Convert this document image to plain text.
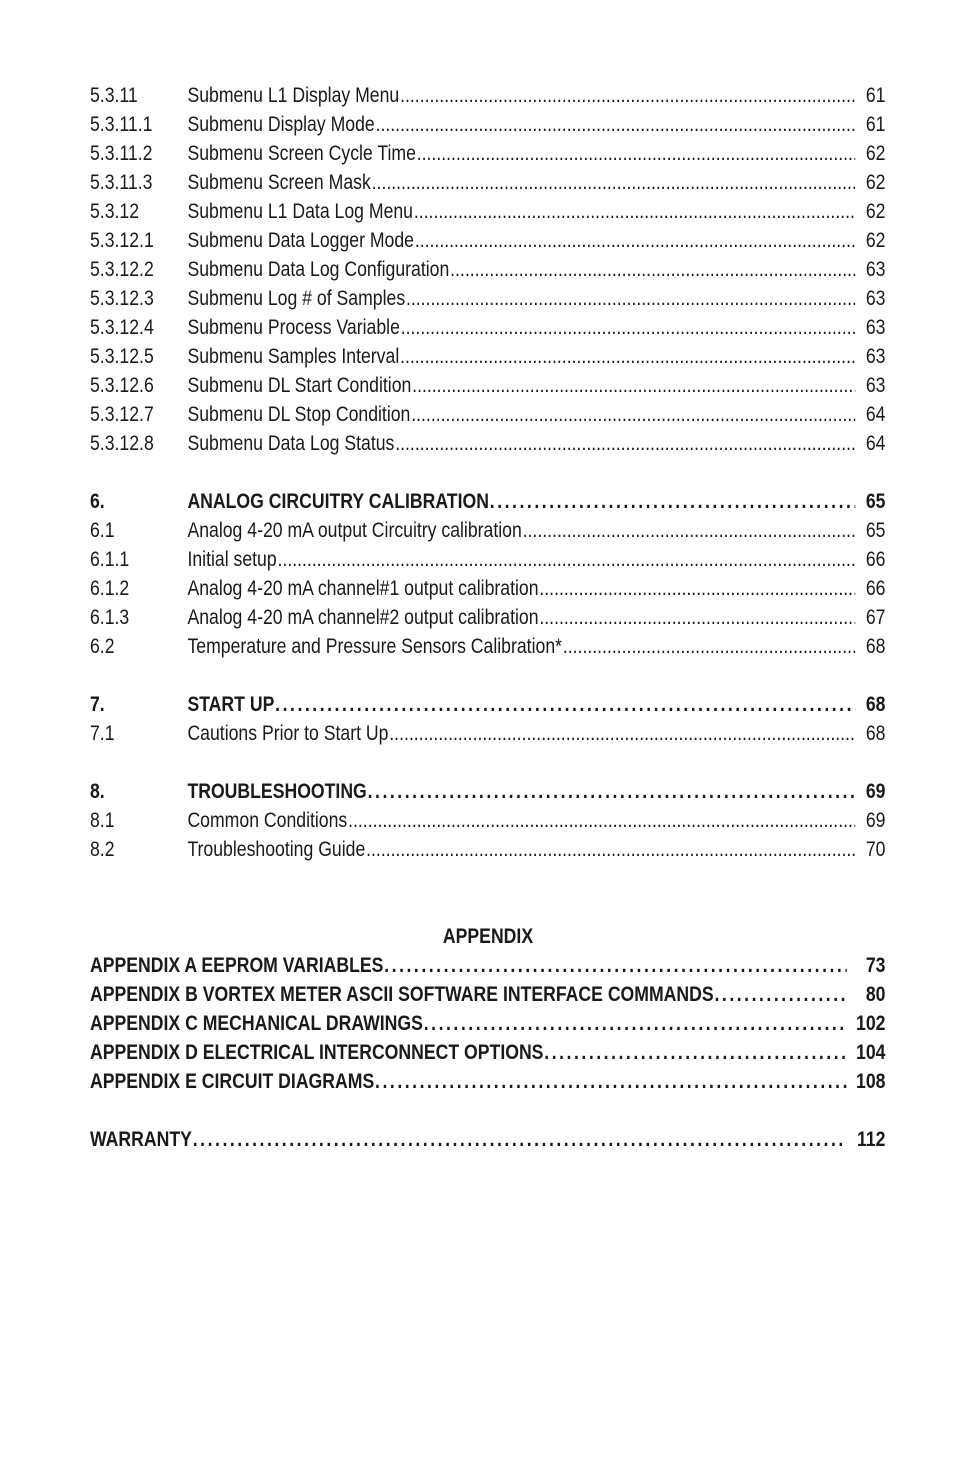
5.3.11	Submenu L1 Display Menu .....	61
5.3.11.1	Submenu Display Mode .....	61
5.3.11.2	Submenu Screen Cycle Time .....	62
5.3.11.3	Submenu Screen Mask .....	62
5.3.12	Submenu L1 Data Log Menu .....	62
5.3.12.1	Submenu Data Logger Mode .....	62
5.3.12.2	Submenu Data Log Configuration .....	63
5.3.12.3	Submenu Log # of Samples .....	63
5.3.12.4	Submenu Process Variable .....	63
5.3.12.5	Submenu Samples Interval .....	63
5.3.12.6	Submenu DL Start Condition .....	63
5.3.12.7	Submenu DL Stop Condition .....	64
5.3.12.8	Submenu Data Log Status .....	64
6.	ANALOG CIRCUITRY CALIBRATION .....	65
6.1	Analog 4-20 mA output Circuitry calibration .....	65
6.1.1	Initial setup .....	66
6.1.2	Analog 4-20 mA channel#1 output calibration .....	66
6.1.3	Analog 4-20 mA channel#2 output calibration .....	67
6.2	Temperature and Pressure Sensors Calibration* .....	68
7.	START UP .....	68
7.1	Cautions Prior to Start Up .....	68
8.	TROUBLESHOOTING .....	69
8.1	Common Conditions .....	69
8.2	Troubleshooting Guide .....	70
APPENDIX
APPENDIX A EEPROM VARIABLES .....	73
APPENDIX B VORTEX METER ASCII SOFTWARE INTERFACE COMMANDS .....	80
APPENDIX C MECHANICAL DRAWINGS .....	102
APPENDIX D ELECTRICAL INTERCONNECT OPTIONS .....	104
APPENDIX E CIRCUIT DIAGRAMS .....	108
WARRANTY .....	112
